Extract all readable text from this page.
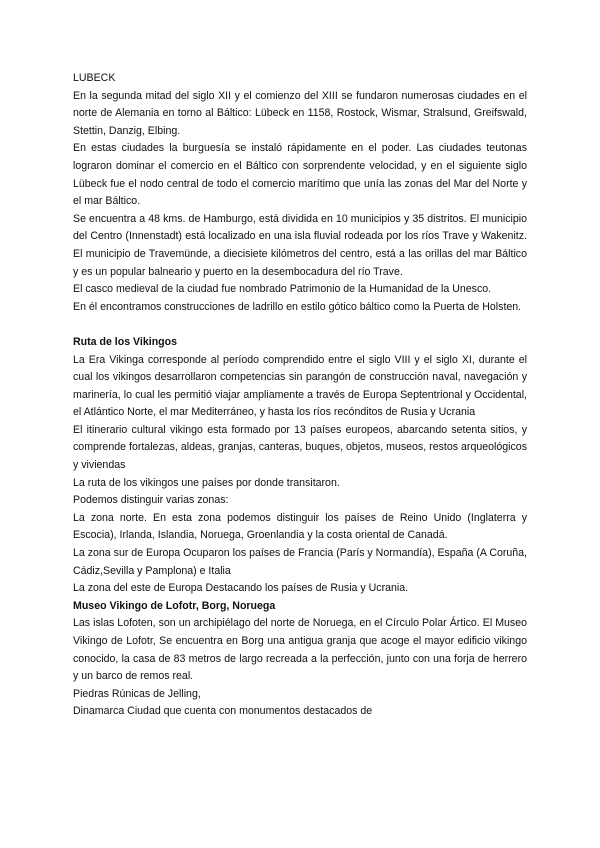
LUBECK

En la segunda mitad del siglo XII y el comienzo del XIII se fundaron numerosas ciudades en el norte de Alemania en torno al Báltico: Lübeck en 1158, Rostock, Wismar, Stralsund, Greifswald, Stettin, Danzig, Elbing.

En estas ciudades la burguesía se instaló rápidamente en el poder. Las ciudades teutonas lograron dominar el comercio en el Báltico con sorprendente velocidad, y en el siguiente siglo Lübeck fue el nodo central de todo el comercio marítimo que unía las zonas del Mar del Norte y el mar Báltico.

Se encuentra a 48 kms. de Hamburgo, está dividida en 10 municipios y 35 distritos. El municipio del Centro (Innenstadt) está localizado en una isla fluvial rodeada por los ríos Trave y Wakenitz. El municipio de Travemünde, a diecisiete kilómetros del centro, está a las orillas del mar Báltico y es un popular balneario y puerto en la desembocadura del río Trave.

El casco medieval de la ciudad fue nombrado Patrimonio de la Humanidad de la Unesco.

En él encontramos construcciones de ladrillo en estilo gótico báltico como la Puerta de Holsten.

Ruta de los Vikingos

La Era Vikinga corresponde al período comprendido entre el siglo VIII y el siglo XI, durante el cual los vikingos desarrollaron competencias sin parangón de construcción naval, navegación y marinería, lo cual les permitió viajar ampliamente a través de Europa Septentrional y Occidental, el Atlántico Norte, el mar Mediterráneo, y hasta los ríos recónditos de Rusia y Ucrania

El itinerario cultural vikingo esta formado por 13 países europeos, abarcando setenta sitios, y comprende fortalezas, aldeas, granjas, canteras, buques, objetos, museos, restos arqueológicos y viviendas

La ruta de los vikingos une países por donde transitaron.

Podemos distinguir varias zonas:

La zona norte. En esta zona podemos distinguir los países de Reino Unido (Inglaterra y Escocia), Irlanda, Islandia, Noruega, Groenlandia y la costa oriental de Canadá.

La zona sur de Europa Ocuparon los países de Francia (París y Normandía), España (A Coruña, Cádiz,Sevilla y Pamplona) e Italia

La zona del este de Europa Destacando los países de Rusia y Ucrania.

Museo Vikingo de Lofotr, Borg, Noruega

Las islas Lofoten, son un archipiélago del norte de Noruega, en el Círculo Polar Ártico. El Museo Vikingo de Lofotr, Se encuentra en Borg una antigua granja que acoge el mayor edificio vikingo conocido, la casa de 83 metros de largo recreada a la perfección, junto con una forja de herrero y un barco de remos real.

Piedras Rúnicas de Jelling,

Dinamarca Ciudad que cuenta con monumentos destacados de
